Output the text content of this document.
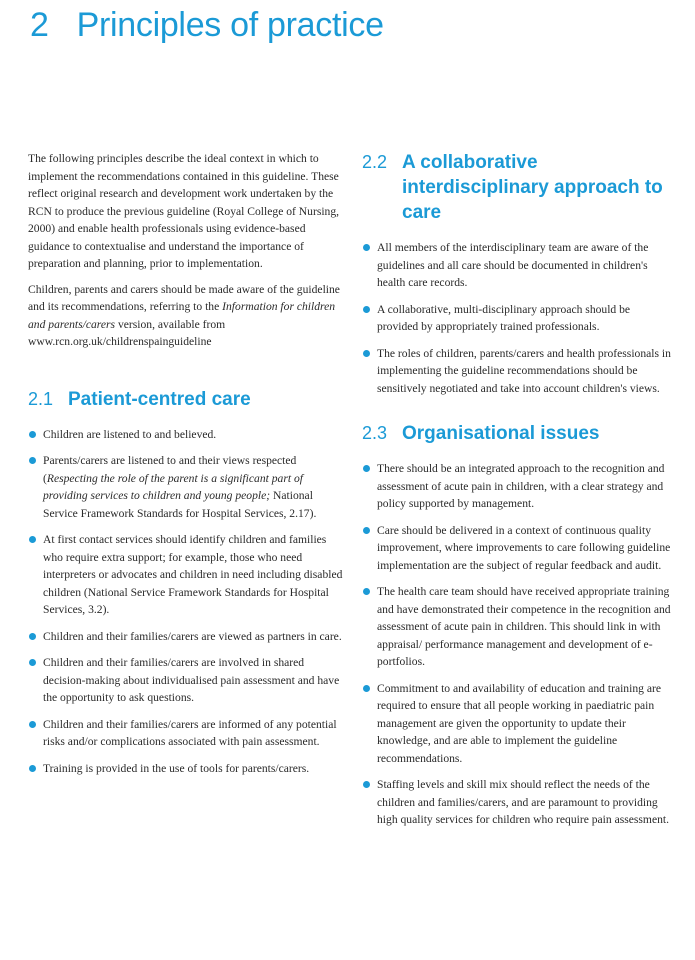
2 Principles of practice

The following principles describe the ideal context in which to implement the recommendations contained in this guideline. These reflect original research and development work undertaken by the RCN to produce the previous guideline (Royal College of Nursing, 2000) and enable health professionals using evidence-based guidance to contextualise and understand the importance of preparation and planning, prior to implementation.

Children, parents and carers should be made aware of the guideline and its recommendations, referring to the Information for children and parents/carers version, available from www.rcn.org.uk/childrenspainguideline

2.1 Patient-centred care
Children are listened to and believed.
Parents/carers are listened to and their views respected (Respecting the role of the parent is a significant part of providing services to children and young people; National Service Framework Standards for Hospital Services, 2.17).
At first contact services should identify children and families who require extra support; for example, those who need interpreters or advocates and children in need including disabled children (National Service Framework Standards for Hospital Services, 3.2).
Children and their families/carers are viewed as partners in care.
Children and their families/carers are involved in shared decision-making about individualised pain assessment and have the opportunity to ask questions.
Children and their families/carers are informed of any potential risks and/or complications associated with pain assessment.
Training is provided in the use of tools for parents/carers.
2.2 A collaborative interdisciplinary approach to care
All members of the interdisciplinary team are aware of the guidelines and all care should be documented in children's health care records.
A collaborative, multi-disciplinary approach should be provided by appropriately trained professionals.
The roles of children, parents/carers and health professionals in implementing the guideline recommendations should be sensitively negotiated and take into account children's views.
2.3 Organisational issues
There should be an integrated approach to the recognition and assessment of acute pain in children, with a clear strategy and policy supported by management.
Care should be delivered in a context of continuous quality improvement, where improvements to care following guideline implementation are the subject of regular feedback and audit.
The health care team should have received appropriate training and have demonstrated their competence in the recognition and assessment of acute pain in children. This should link in with appraisal/ performance management and development of e-portfolios.
Commitment to and availability of education and training are required to ensure that all people working in paediatric pain management are given the opportunity to update their knowledge, and are able to implement the guideline recommendations.
Staffing levels and skill mix should reflect the needs of the children and families/carers, and are paramount to providing high quality services for children who require pain assessment.
